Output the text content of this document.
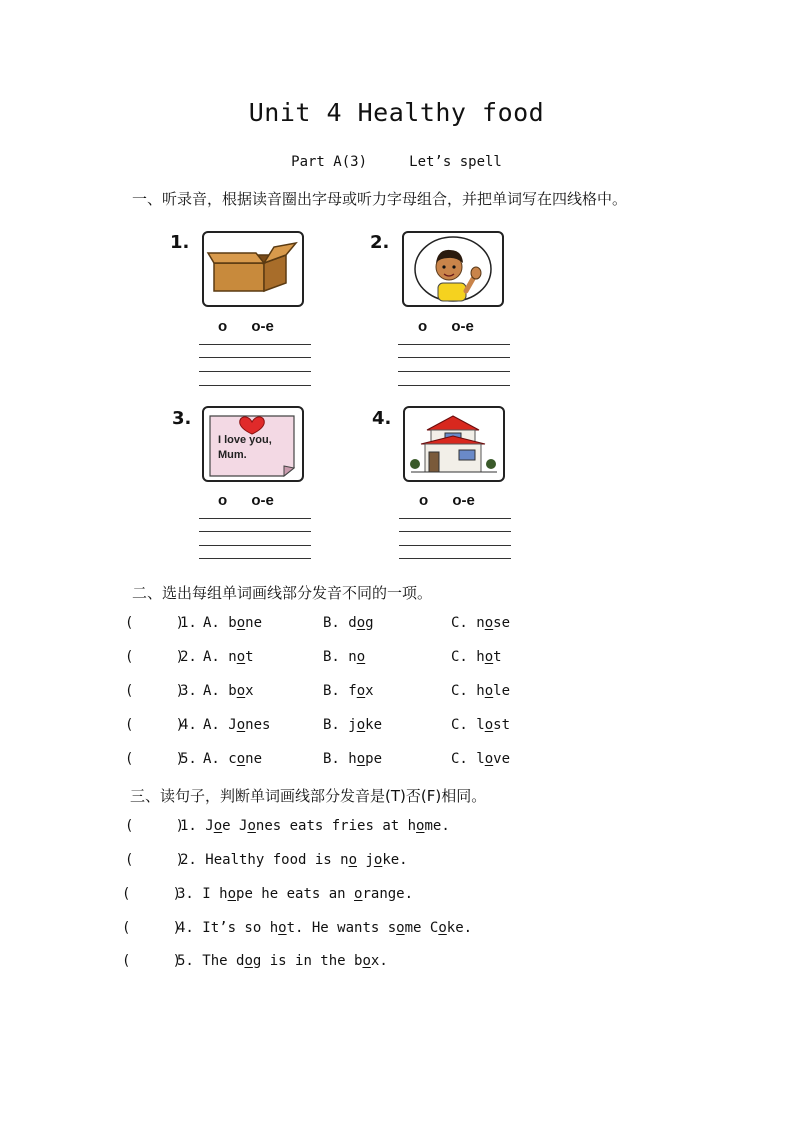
Unit 4 Healthy food
Part A(3)     Let’s spell
一、听录音，根据读音圈出字母或听力字母组合，并把单词写在四线格中。
1.
o o-e
2.
o o-e
3.
I love you, Mum.
o o-e
4.
o o-e
二、选出每组单词画线部分发音不同的一项。
(     )
1. A. bone	B. dog	C. nose
(     )
2. A. not	B. no	C. hot
(     )
3. A. box	B. fox	C. hole
(     )
4. A. Jones	B. joke	C. lost
(     )
5. A. cone	B. hope	C. love
三、读句子，判断单词画线部分发音是(T)否(F)相同。
(     )
1. Joe Jones eats fries at home.
(     )
2. Healthy food is no joke.
(     )
3. I hope he eats an orange.
(     )
4. It’s so hot. He wants some Coke.
(     )
5. The dog is in the box.
